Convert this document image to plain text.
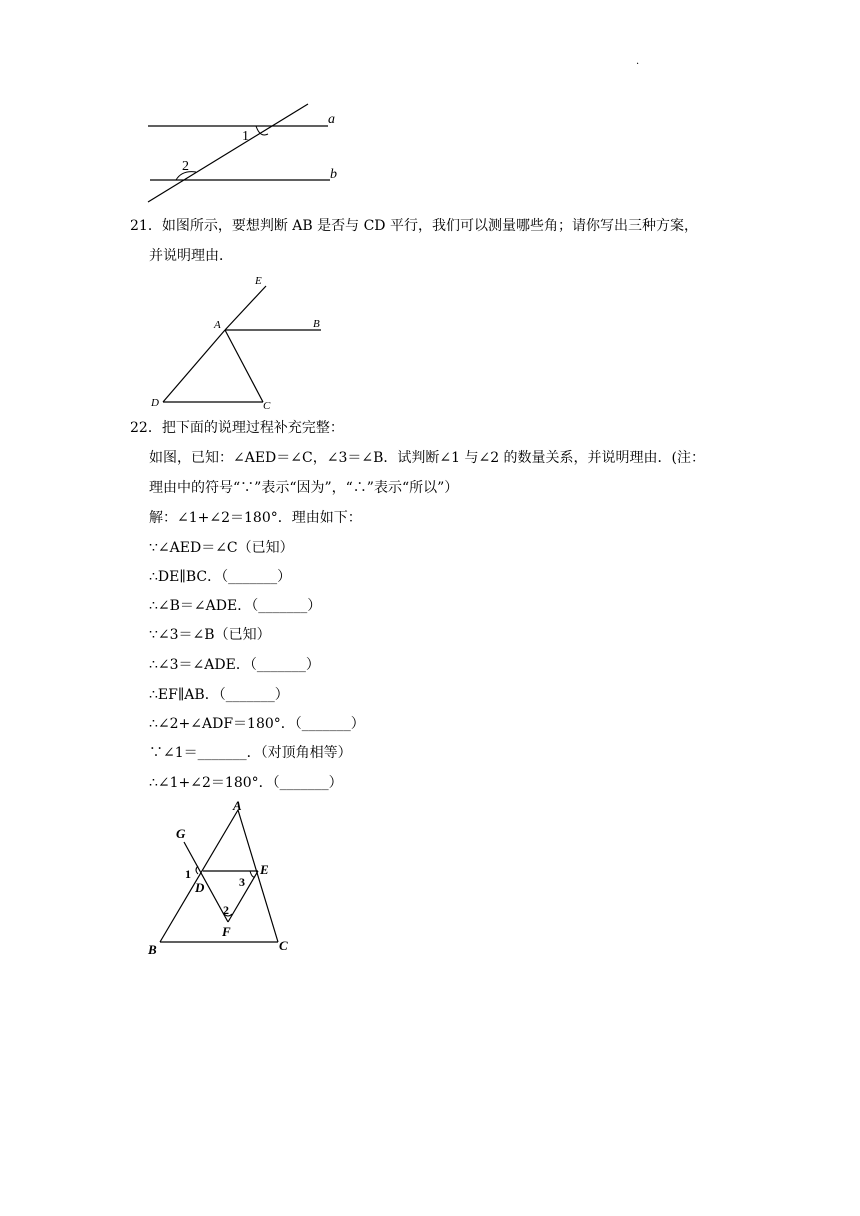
.
a
b
1
2
21．如图所示，要想判断 AB 是否与 CD 平行，我们可以测量哪些角；请你写出三种方案，
并说明理由．
E
A	B
D	C
22．把下面的说理过程补充完整：
如图，已知：∠AED＝∠C，∠3＝∠B．试判断∠1 与∠2 的数量关系，并说明理由．(注：
理由中的符号“∵”表示“因为”，“∴”表示“所以”）
解：∠1+∠2＝180°．理由如下：
∵∠AED＝∠C（已知）
∴DE∥BC．（_______）
∴∠B＝∠ADE．（_______）
∵∠3＝∠B（已知）
∴∠3＝∠ADE．（_______）
∴EF∥AB．（_______）
∴∠2+∠ADF＝180°．（_______）
∵∠1＝_______．（对顶角相等）
∴∠1+∠2＝180°．（_______）
A
G
E
1
D	3
2
F
B	C
